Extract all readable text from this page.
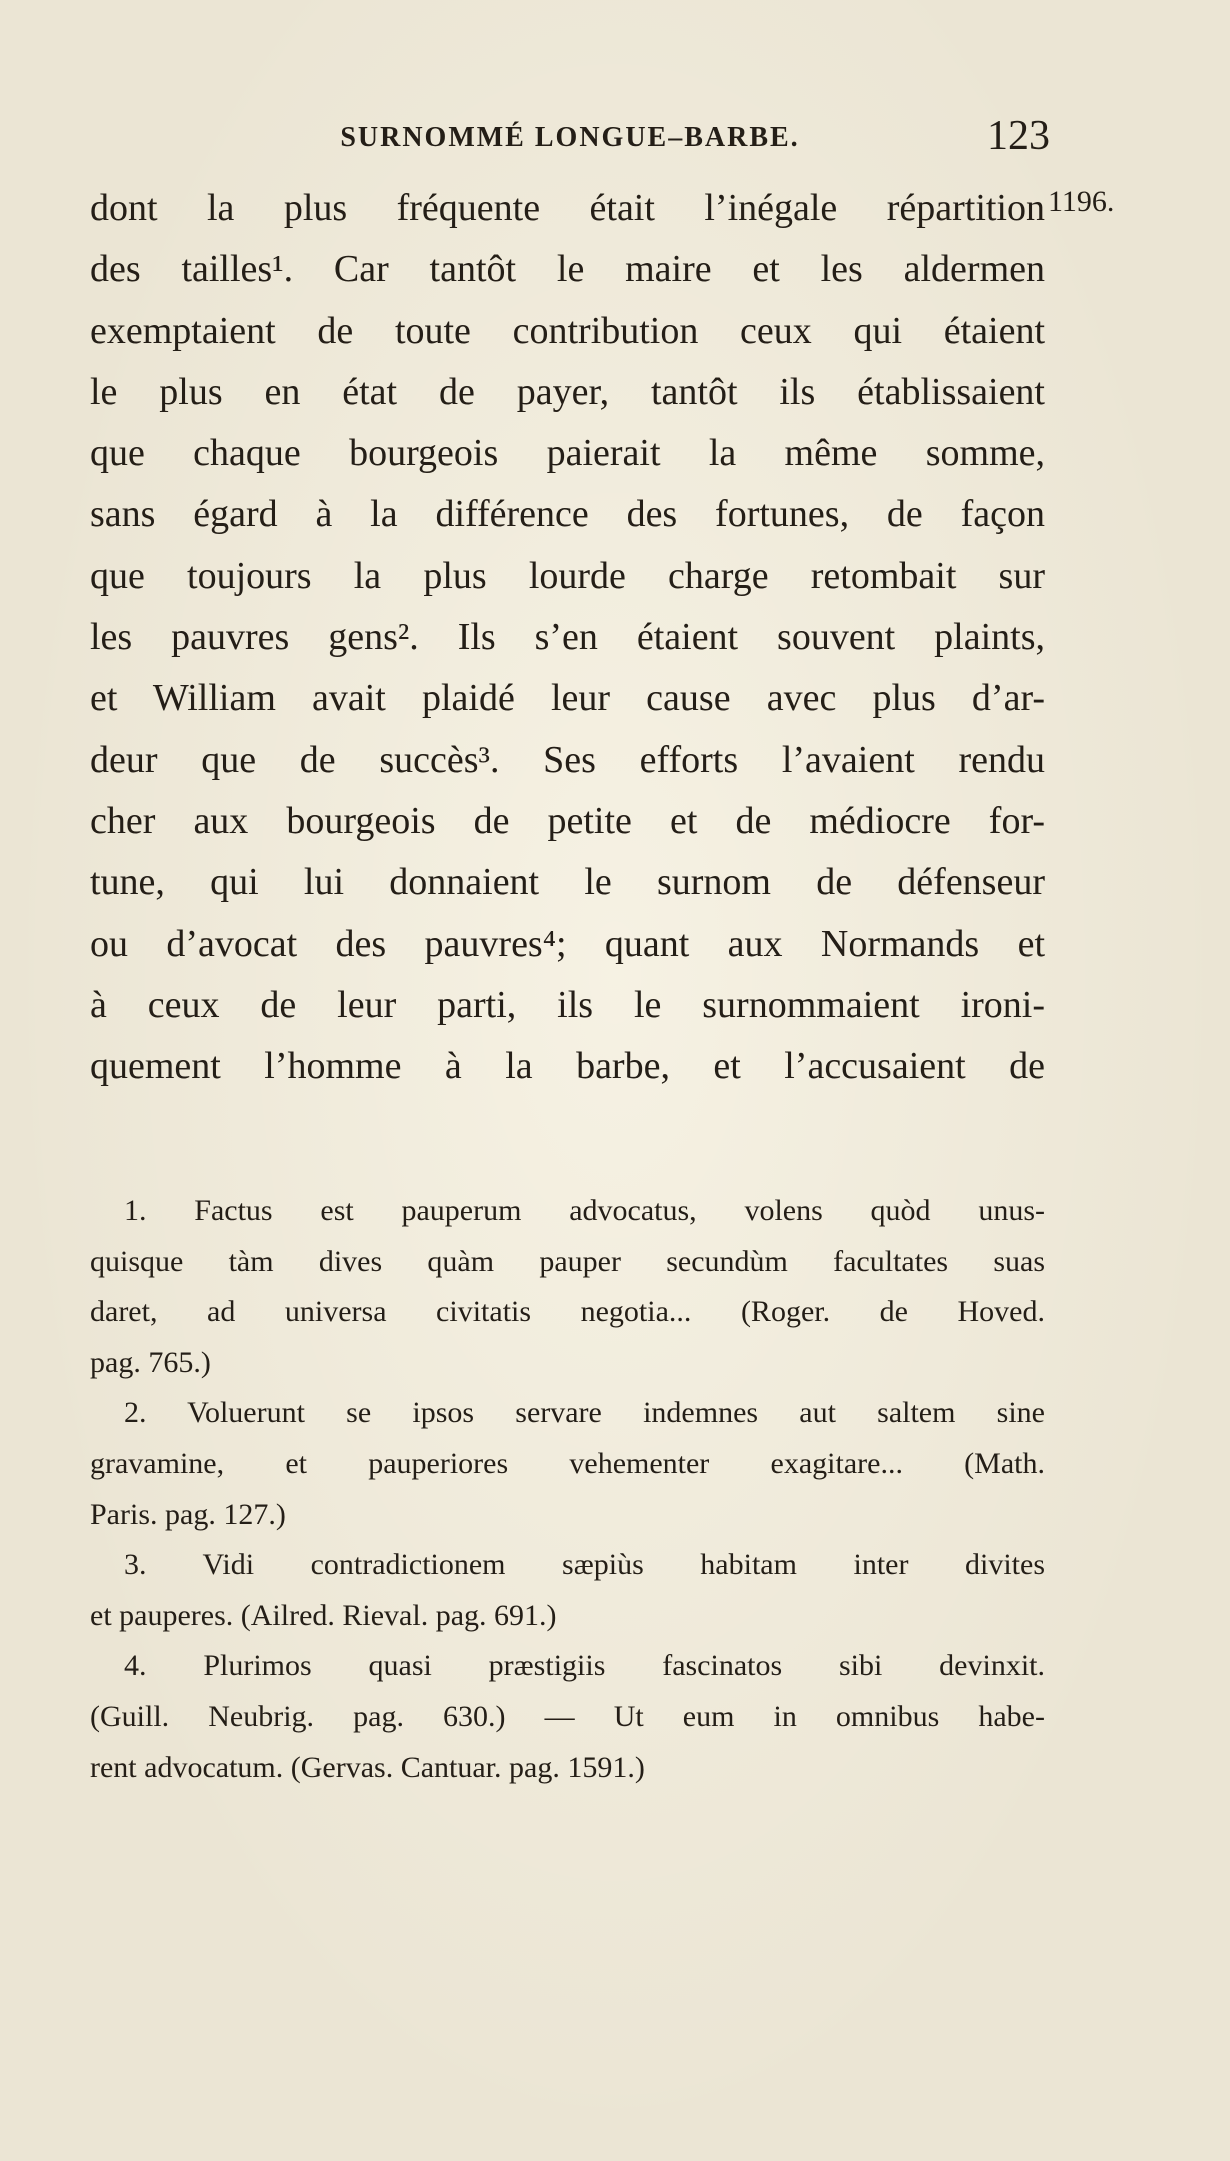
SURNOMMÉ LONGUE–BARBE.	123
1196.
dont la plus fréquente était l’inégale répartition
des tailles¹. Car tantôt le maire et les aldermen
exemptaient de toute contribution ceux qui étaient
le plus en état de payer, tantôt ils établissaient
que chaque bourgeois paierait la même somme,
sans égard à la différence des fortunes, de façon
que toujours la plus lourde charge retombait sur
les pauvres gens². Ils s’en étaient souvent plaints,
et William avait plaidé leur cause avec plus d’ar-
deur que de succès³. Ses efforts l’avaient rendu
cher aux bourgeois de petite et de médiocre for-
tune, qui lui donnaient le surnom de défenseur
ou d’avocat des pauvres⁴; quant aux Normands et
à ceux de leur parti, ils le surnommaient ironi-
quement l’homme à la barbe, et l’accusaient de
1. Factus est pauperum advocatus, volens quòd unus-
quisque tàm dives quàm pauper secundùm facultates suas
daret, ad universa civitatis negotia... (Roger. de Hoved.
pag. 765.)
2. Voluerunt se ipsos servare indemnes aut saltem sine
gravamine, et pauperiores vehementer exagitare... (Math.
Paris. pag. 127.)
3. Vidi contradictionem sæpiùs habitam inter divites
et pauperes. (Ailred. Rieval. pag. 691.)
4. Plurimos quasi præstigiis fascinatos sibi devinxit.
(Guill. Neubrig. pag. 630.) — Ut eum in omnibus habe-
rent advocatum. (Gervas. Cantuar. pag. 1591.)
